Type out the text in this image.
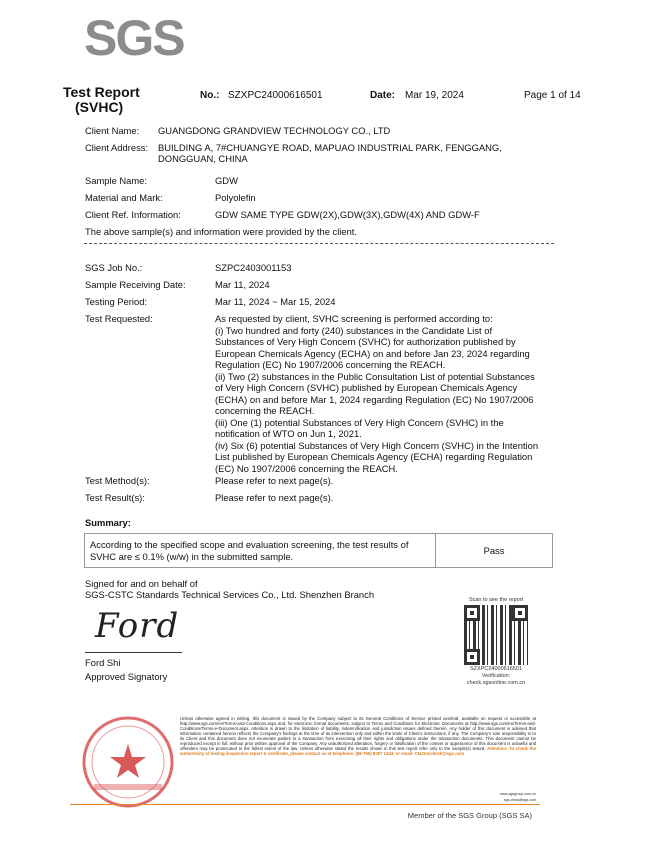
SGS
Test Report
(SVHC)
No.: SZXPC24000616501	Date: Mar 19, 2024	Page 1 of 14
Client Name: GUANGDONG GRANDVIEW TECHNOLOGY CO., LTD
Client Address: BUILDING A, 7#CHUANGYE ROAD, MAPUAO INDUSTRIAL PARK, FENGGANG,
DONGGUAN, CHINA
Sample Name:	GDW
Material and Mark:	Polyolefin
Client Ref. Information:	GDW SAME TYPE GDW(2X),GDW(3X),GDW(4X) AND GDW-F
The above sample(s) and information were provided by the client.
SGS Job No.:	SZPC2403001153
Sample Receiving Date:	Mar 11, 2024
Testing Period:	Mar 11, 2024 ~ Mar 15, 2024
Test Requested:	As requested by client, SVHC screening is performed according to:
(i) Two hundred and forty (240) substances in the Candidate List of
Substances of Very High Concern (SVHC) for authorization published by
European Chemicals Agency (ECHA) on and before Jan 23, 2024 regarding
Regulation (EC) No 1907/2006 concerning the REACH.
(ii) Two (2) substances in the Public Consultation List of potential Substances
of Very High Concern (SVHC) published by European Chemicals Agency
(ECHA) on and before Mar 1, 2024 regarding Regulation (EC) No 1907/2006
concerning the REACH.
(iii) One (1) potential Substances of Very High Concern (SVHC) in the
notification of WTO on Jun 1, 2021.
(iv) Six (6) potential Substances of Very High Concern (SVHC) in the Intention
List published by European Chemicals Agency (ECHA) regarding Regulation
(EC) No 1907/2006 concerning the REACH.
Test Method(s):	Please refer to next page(s).
Test Result(s):	Please refer to next page(s).
Summary:
According to the specified scope and evaluation screening, the test results of
SVHC are ≤ 0.1% (w/w) in the submitted sample.
Pass
Signed for and on behalf of
SGS-CSTC Standards Technical Services Co., Ltd. Shenzhen Branch
Ford
Ford Shi
Approved Signatory
Scan to see the report
SZXPC24000616501
Verification:
check.sgsonline.com.cn
Unless otherwise agreed in writing, this document is issued by the Company subject to its General Conditions of Service printed overleaf, available on request or accessible at http://www.sgs.com/en/Terms-and-Conditions.aspx and, for electronic format documents, subject to Terms and Conditions for Electronic Documents at http://www.sgs.com/en/Terms-and-Conditions/Terms-e-Document.aspx. Attention is drawn to the limitation of liability, indemnification and jurisdiction issues defined therein. Any holder of this document is advised that information contained hereon reflects the Company's findings at the time of its intervention only and within the limits of Client's instructions, if any. The Company's sole responsibility is to its Client and this document does not exonerate parties to a transaction from exercising all their rights and obligations under the transaction documents. This document cannot be reproduced except in full, without prior written approval of the Company. Any unauthorized alteration, forgery or falsification of the content or appearance of this document is unlawful and offenders may be prosecuted to the fullest extent of the law. Unless otherwise stated the results shown in this test report refer only to the sample(s) tested. Attention: To check the authenticity of testing /inspection report & certificate, please contact us at telephone: (86-755) 8307 1443, or email: CN.Doccheck@sgs.com
www.sgsgroup.com.cn
sgs.china@sgs.com
Member of the SGS Group (SGS SA)
